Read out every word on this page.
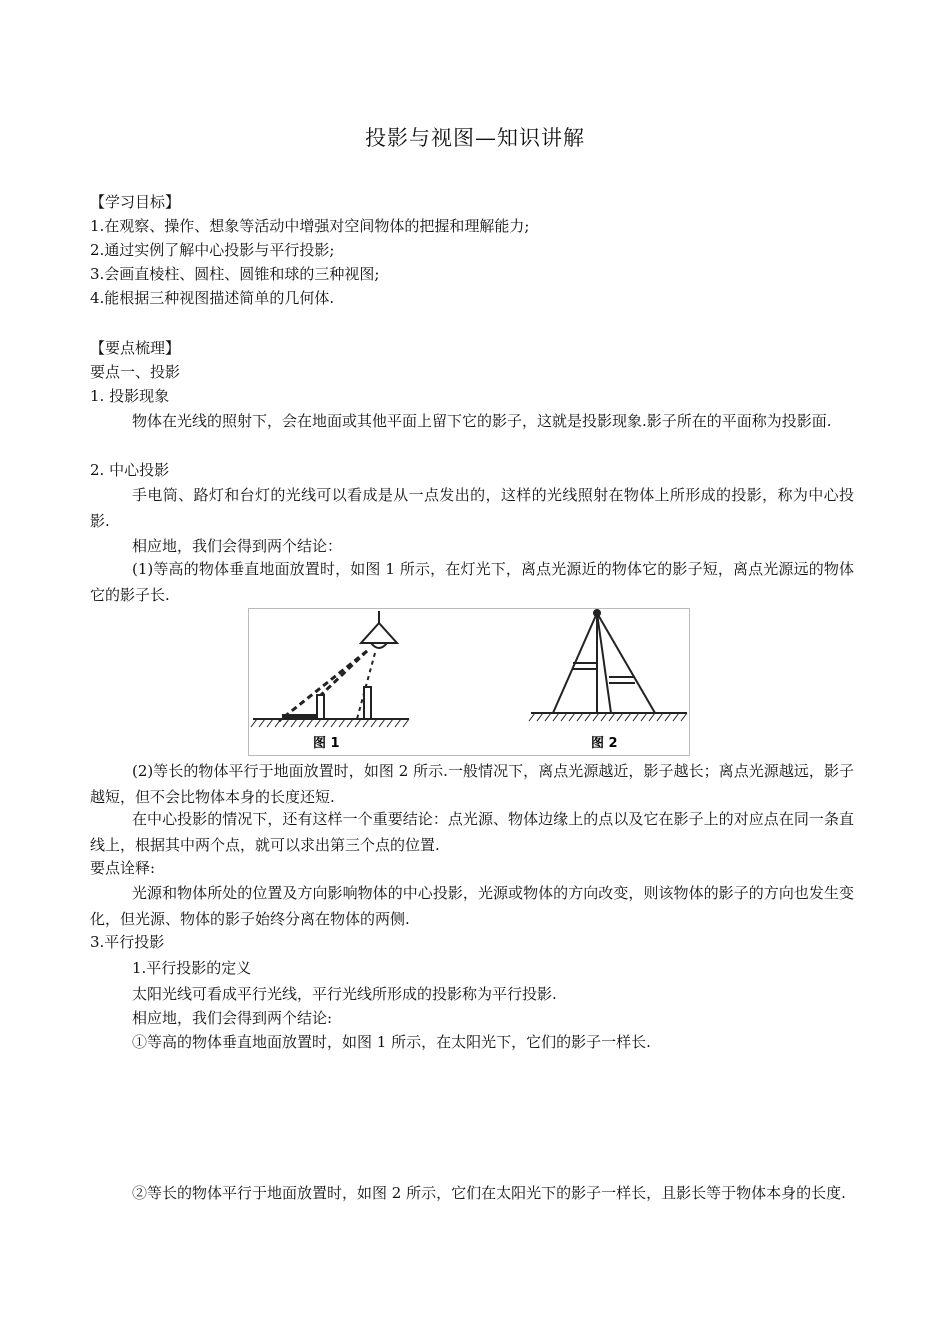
投影与视图—知识讲解
【学习目标】
1.在观察、操作、想象等活动中增强对空间物体的把握和理解能力;
2.通过实例了解中心投影与平行投影;
3.会画直棱柱、圆柱、圆锥和球的三种视图;
4.能根据三种视图描述简单的几何体.
【要点梳理】
要点一、投影
1. 投影现象
物体在光线的照射下，会在地面或其他平面上留下它的影子，这就是投影现象.影子所在的平面称为投影面.
2. 中心投影
手电筒、路灯和台灯的光线可以看成是从一点发出的，这样的光线照射在物体上所形成的投影，称为中心投影.
相应地，我们会得到两个结论：
(1)等高的物体垂直地面放置时，如图 1 所示，在灯光下，离点光源近的物体它的影子短，离点光源远的物体它的影子长.
图 1	图 2
(2)等长的物体平行于地面放置时，如图 2 所示.一般情况下，离点光源越近，影子越长；离点光源越远，影子越短，但不会比物体本身的长度还短.
在中心投影的情况下，还有这样一个重要结论：点光源、物体边缘上的点以及它在影子上的对应点在同一条直线上，根据其中两个点，就可以求出第三个点的位置.
要点诠释:
光源和物体所处的位置及方向影响物体的中心投影，光源或物体的方向改变，则该物体的影子的方向也发生变化，但光源、物体的影子始终分离在物体的两侧.
3.平行投影
1.平行投影的定义
太阳光线可看成平行光线，平行光线所形成的投影称为平行投影.
相应地，我们会得到两个结论:
①等高的物体垂直地面放置时，如图 1 所示，在太阳光下，它们的影子一样长.
②等长的物体平行于地面放置时，如图 2 所示，它们在太阳光下的影子一样长，且影长等于物体本身的长度.
